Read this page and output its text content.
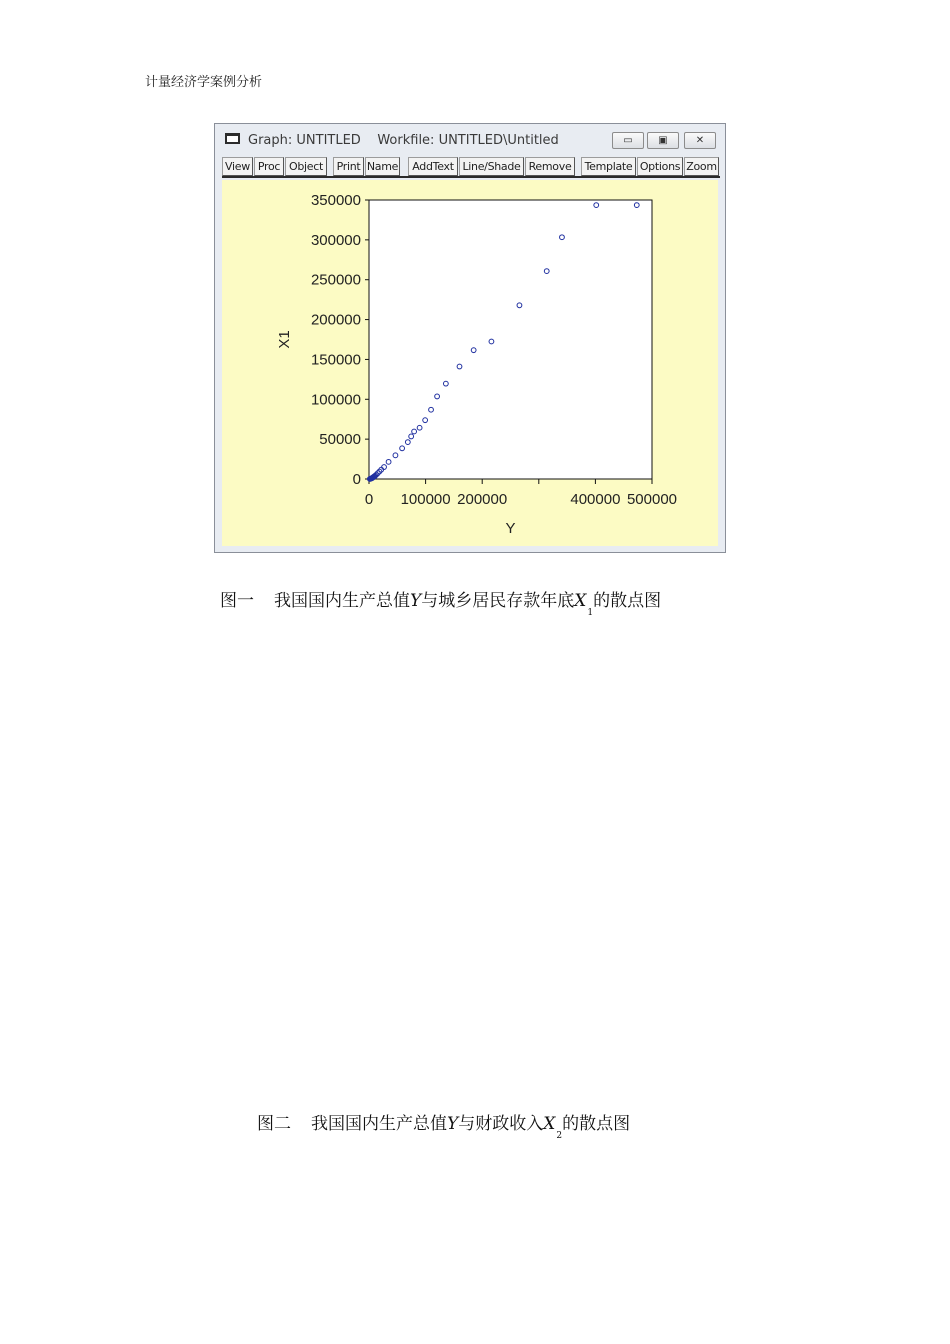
计量经济学案例分析
Graph: UNTITLED    Workfile: UNTITLED\Untitled	▭	▣	✕
View Proc Object	Print Name	AddText Line/Shade Remove	Template Options Zoom
0
50000
100000
150000
200000
250000
300000
350000
0 100000 200000	400000 500000
Y
X1
图一 我国国内生产总值Y与城乡居民存款年底$X_1$的散点图
图二 我国国内生产总值Y与财政收入$X_2$的散点图
